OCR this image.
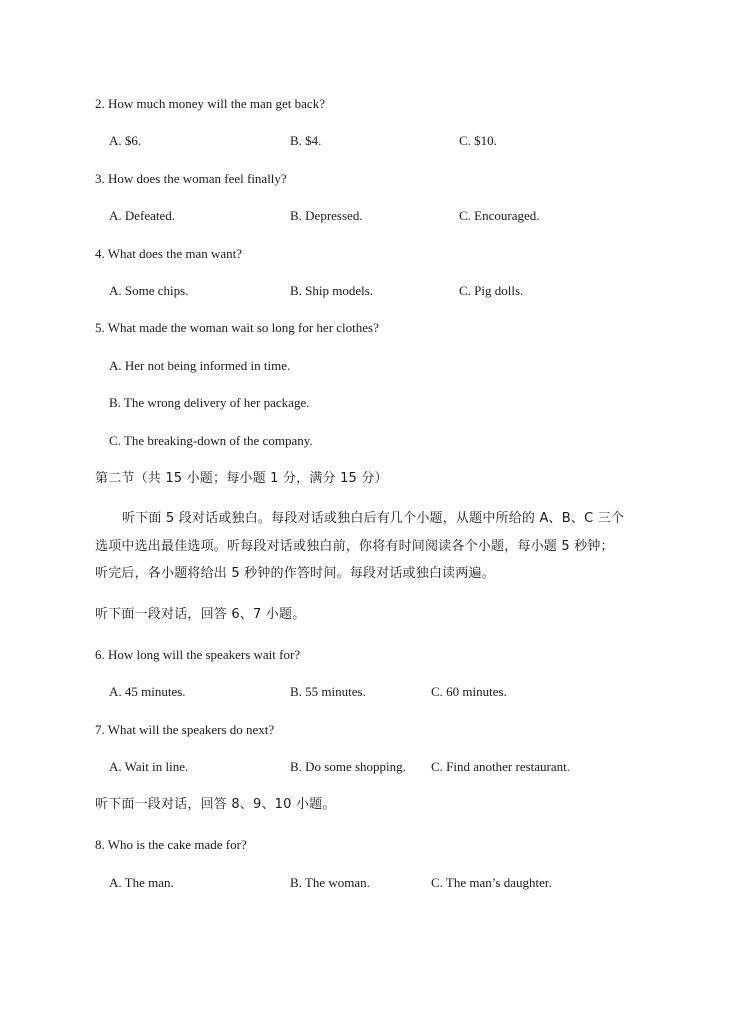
2. How much money will the man get back?
A. $6.	B. $4.	C. $10.
3. How does the woman feel finally?
A. Defeated.	B. Depressed.	C. Encouraged.
4. What does the man want?
A. Some chips.	B. Ship models.	C. Pig dolls.
5. What made the woman wait so long for her clothes?
A. Her not being informed in time.
B. The wrong delivery of her package.
C. The breaking-down of the company.
第二节（共 15 小题；每小题 1 分，满分 15 分）
听下面 5 段对话或独白。每段对话或独白后有几个小题，从题中所给的 A、B、C 三个
选项中选出最佳选项。听每段对话或独白前，你将有时间阅读各个小题，每小题 5 秒钟；
听完后，各小题将给出 5 秒钟的作答时间。每段对话或独白读两遍。
听下面一段对话，回答 6、7 小题。
6. How long will the speakers wait for?
A. 45 minutes.	B. 55 minutes.	C. 60 minutes.
7. What will the speakers do next?
A. Wait in line.	B. Do some shopping. C. Find another restaurant.
听下面一段对话，回答 8、9、10 小题。
8. Who is the cake made for?
A. The man.	B. The woman.	C. The man’s daughter.
